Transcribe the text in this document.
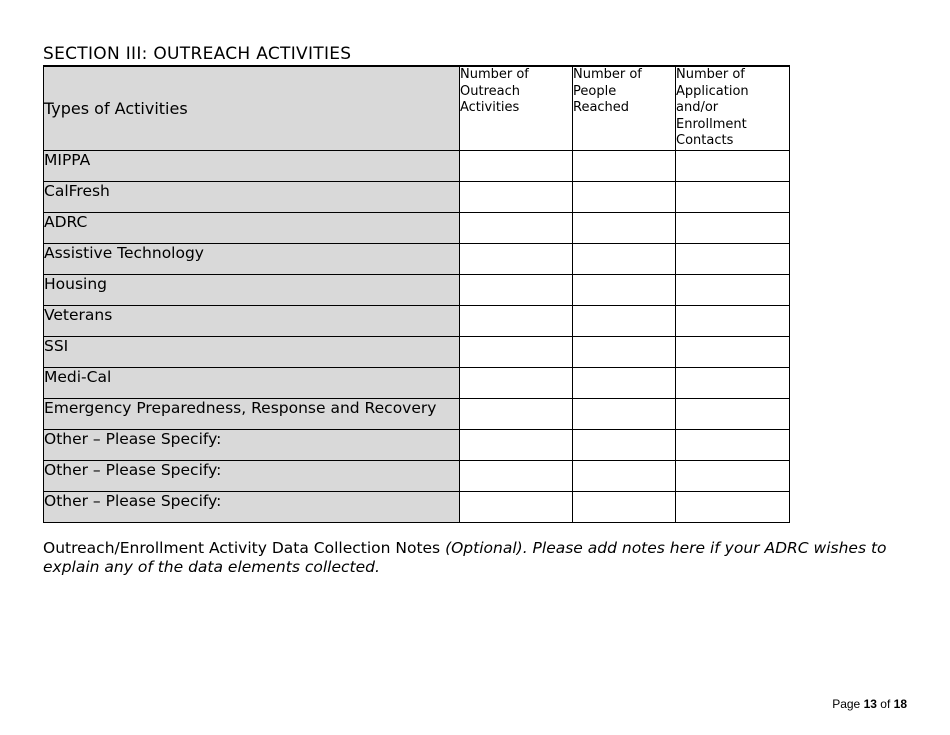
SECTION III: OUTREACH ACTIVITIES
Types of Activities	Number of Outreach Activities	Number of People Reached	Number of Application and/or Enrollment Contacts
MIPPA			
CalFresh			
ADRC			
Assistive Technology			
Housing			
Veterans			
SSI			
Medi-Cal			
Emergency Preparedness, Response and Recovery			
Other – Please Specify:			
Other – Please Specify:			
Other – Please Specify:			
Outreach/Enrollment Activity Data Collection Notes (Optional). Please add notes here if your ADRC wishes to explain any of the data elements collected.
Page 13 of 18
